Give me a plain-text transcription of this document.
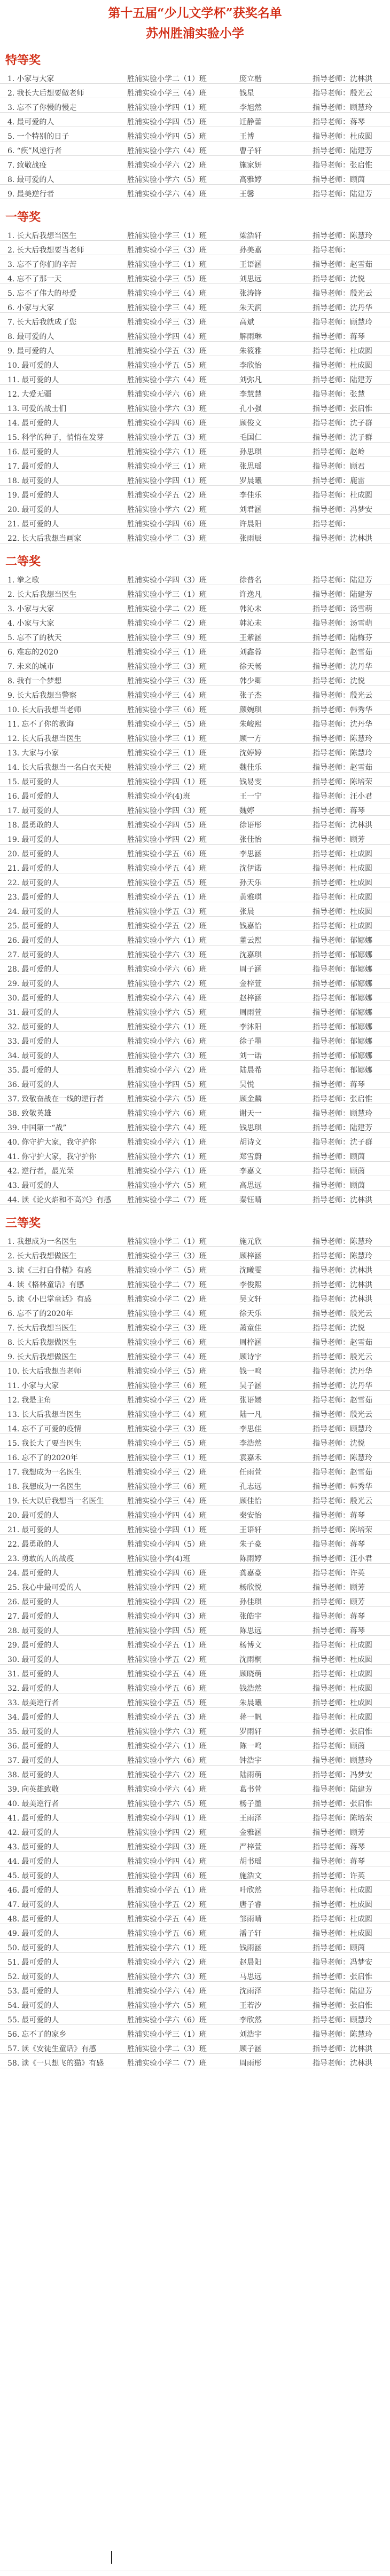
第十五届“少儿文学杯”获奖名单
苏州胜浦实验小学
特等奖
1. 小家与大家	胜浦实验小学二（1）班	庞立楷	指导老师：沈林洪
2. 我长大后想要做老师	胜浦实验小学三（4）班	钱星	指导老师：殷光云
3. 忘不了你慢的慢走	胜浦实验小学四（1）班	李旭然	指导老师：顾慧玲
4. 最可爱的人	胜浦实验小学四（5）班	迁静蕾	指导老师：蒋琴
5. 一个特别的日子	胜浦实验小学四（5）班	王博	指导老师：杜成圆
6. “疾”风逆行者	胜浦实验小学六（4）班	曹子轩	指导老师：陆建芳
7. 致敬战疫	胜浦实验小学六（2）班	施家妍	指导老师：张启惟
8. 最可爱的人	胜浦实验小学六（5）班	高雅婷	指导老师：顾茵
9. 最美逆行者	胜浦实验小学六（4）班	王馨	指导老师：陆建芳
一等奖
1. 长大后我想当医生	胜浦实验小学三（1）班	梁浩轩	指导老师：陈慧玲
2. 长大后我想要当老师	胜浦实验小学三（3）班	孙美嘉	指导老师：
3. 忘不了你们的辛苦	胜浦实验小学三（1）班	王语涵	指导老师：赵雪茹
4. 忘不了那一天	胜浦实验小学三（5）班	刘思远	指导老师：沈悦
5. 忘不了伟大的母爱	胜浦实验小学三（4）班	张涛锋	指导老师：殷光云
6. 小家与大家	胜浦实验小学三（4）班	朱天润	指导老师：沈丹华
7. 长大后我就成了您	胜浦实验小学三（3）班	高斌	指导老师：顾慧玲
8. 最可爱的人	胜浦实验小学四（4）班	解雨琳	指导老师：蒋琴
9. 最可爱的人	胜浦实验小学五（3）班	朱筱雅	指导老师：杜成圆
10. 最可爱的人	胜浦实验小学五（5）班	李欣怡	指导老师：杜成圆
11. 最可爱的人	胜浦实验小学六（4）班	刘弥凡	指导老师：陆建芳
12. 大爱无疆	胜浦实验小学六（6）班	李慧慧	指导老师：张慧
13. 可爱的战士们	胜浦实验小学六（3）班	孔小强	指导老师：张启惟
14. 最可爱的人	胜浦实验小学四（6）班	顾俊文	指导老师：沈子群
15. 科学的种子，悄悄在发芽	胜浦实验小学五（3）班	毛国仁	指导老师：沈子群
16. 最可爱的人	胜浦实验小学六（1）班	孙思琪	指导老师：赵岭
17. 最可爱的人	胜浦实验小学三（1）班	张思瑶	指导老师：顾君
18. 最可爱的人	胜浦实验小学四（1）班	罗晨曦	指导老师：鹿雷
19. 最可爱的人	胜浦实验小学五（2）班	李佳乐	指导老师：杜成圆
20. 最可爱的人	胜浦实验小学六（2）班	刘君涵	指导老师：冯梦安
21. 最可爱的人	胜浦实验小学四（6）班	许晨阳	指导老师：
22. 长大后我想当画家	胜浦实验小学二（3）班	张雨辰	指导老师：沈林洪
二等奖
1. 拳之歌	胜浦实验小学四（3）班	徐普名	指导老师：陆建芳
2. 长大后我想当医生	胜浦实验小学三（1）班	许逸凡	指导老师：陆建芳
3. 小家与大家	胜浦实验小学二（2）班	韩沁未	指导老师：汤雪萌
4. 小家与大家	胜浦实验小学二（2）班	韩沁未	指导老师：汤雪萌
5. 忘不了的秋天	胜浦实验小学三（9）班	王紫涵	指导老师：陆梅芬
6. 难忘的2020	胜浦实验小学三（1）班	刘鑫蓉	指导老师：赵雪茹
7. 未来的城市	胜浦实验小学三（3）班	徐天畅	指导老师：沈丹华
8. 我有一个梦想	胜浦实验小学三（3）班	韩少卿	指导老师：沈悦
9. 长大后我想当警察	胜浦实验小学三（4）班	张子杰	指导老师：殷光云
10. 长大后我想当老师	胜浦实验小学三（6）班	颜婉琪	指导老师：韩秀华
11. 忘不了你的教诲	胜浦实验小学三（5）班	朱峻熙	指导老师：沈丹华
12. 长大后我想当医生	胜浦实验小学三（1）班	顾一方	指导老师：陈慧玲
13. 大家与小家	胜浦实验小学三（1）班	沈婷婷	指导老师：陈慧玲
14. 长大后我想当一名白衣天使 胜浦实验小学三（2）班	魏佳乐	指导老师：赵雪茹
15. 最可爱的人	胜浦实验小学四（1）班	钱易雯	指导老师：陈培荣
16. 最可爱的人	胜浦实验小学(4)班	王一宁	指导老师：汪小君
17. 最可爱的人	胜浦实验小学四（3）班	魏婷	指导老师：蒋琴
18. 最勇敢的人	胜浦实验小学四（5）班	徐语彤	指导老师：沈林洪
19. 最可爱的人	胜浦实验小学四（2）班	张佳怡	指导老师：顾芳
20. 最可爱的人	胜浦实验小学五（6）班	李思涵	指导老师：杜成圆
21. 最可爱的人	胜浦实验小学五（4）班	沈伊诺	指导老师：杜成圆
22. 最可爱的人	胜浦实验小学五（5）班	孙天乐	指导老师：杜成圆
23. 最可爱的人	胜浦实验小学五（1）班	黄雅琪	指导老师：杜成圆
24. 最可爱的人	胜浦实验小学五（3）班	张晨	指导老师：杜成圆
25. 最可爱的人	胜浦实验小学五（2）班	钱嘉怡	指导老师：杜成圆
26. 最可爱的人	胜浦实验小学六（1）班	董云熙	指导老师：郁娜娜
27. 最可爱的人	胜浦实验小学六（3）班	沈嘉琪	指导老师：郁娜娜
28. 最可爱的人	胜浦实验小学六（6）班	周子涵	指导老师：郁娜娜
29. 最可爱的人	胜浦实验小学六（2）班	金梓萱	指导老师：郁娜娜
30. 最可爱的人	胜浦实验小学六（4）班	赵梓涵	指导老师：郁娜娜
31. 最可爱的人	胜浦实验小学六（5）班	周雨萱	指导老师：郁娜娜
32. 最可爱的人	胜浦实验小学六（1）班	李沐阳	指导老师：郁娜娜
33. 最可爱的人	胜浦实验小学六（6）班	徐子墨	指导老师：郁娜娜
34. 最可爱的人	胜浦实验小学六（3）班	刘一诺	指导老师：郁娜娜
35. 最可爱的人	胜浦实验小学六（2）班	陆晨希	指导老师：郁娜娜
36. 最可爱的人	胜浦实验小学四（5）班	吴悦	指导老师：蒋琴
37. 致敬奋战在一线的逆行者	胜浦实验小学六（5）班	顾金麟	指导老师：张启惟
38. 致敬英雄	胜浦实验小学六（6）班	谢天一	指导老师：顾慧玲
39. 中国第一“战”	胜浦实验小学六（4）班	钱思琪	指导老师：陆建芳
40. 你守护大家，我守护你	胜浦实验小学六（1）班	胡诗文	指导老师：沈子群
41. 你守护大家，我守护你	胜浦实验小学六（1）班	郑雪蔚	指导老师：顾茵
42. 逆行者，最光荣	胜浦实验小学六（1）班	李嘉文	指导老师：顾茵
43. 最可爱的人	胜浦实验小学六（5）班	高思远	指导老师：顾茵
44. 读《论火焰和不高兴》有感 胜浦实验小学二（7）班	秦钰晴	指导老师：沈林洪
三等奖
1. 我想成为一名医生	胜浦实验小学二（1）班	施元欣	指导老师：陈慧玲
2. 长大后我想做医生	胜浦实验小学三（3）班	顾梓涵	指导老师：陈慧玲
3. 读《三打白骨精》有感	胜浦实验小学二（5）班	沈曦雯	指导老师：沈林洪
4. 读《格林童话》有感	胜浦实验小学二（7）班	李俊熙	指导老师：沈林洪
5. 读《小巴掌童话》有感	胜浦实验小学二（2）班	吴文轩	指导老师：沈林洪
6. 忘不了的2020年	胜浦实验小学三（4）班	徐天乐	指导老师：殷光云
7. 长大后我想当医生	胜浦实验小学三（3）班	萧童佳	指导老师：沈悦
8. 长大后我想做医生	胜浦实验小学三（6）班	周梓涵	指导老师：赵雪茹
9. 长大后我想做医生	胜浦实验小学三（4）班	顾诗宇	指导老师：殷光云
10. 长大后我想当老师	胜浦实验小学三（5）班	钱一鸣	指导老师：沈丹华
11. 小家与大家	胜浦实验小学三（6）班	吴子涵	指导老师：沈丹华
12. 我是主角	胜浦实验小学三（2）班	张语嫣	指导老师：赵雪茹
13. 长大后我想当医生	胜浦实验小学三（4）班	陆一凡	指导老师：殷光云
14. 忘不了可爱的疫情	胜浦实验小学三（3）班	李思佳	指导老师：顾慧玲
15. 我长大了要当医生	胜浦实验小学三（5）班	李浩然	指导老师：沈悦
16. 忘不了的2020年	胜浦实验小学三（1）班	袁嘉禾	指导老师：陈慧玲
17. 我想成为一名医生	胜浦实验小学三（2）班	任雨萱	指导老师：赵雪茹
18. 我想成为一名医生	胜浦实验小学三（6）班	孔志远	指导老师：韩秀华
19. 长大以后我想当一名医生	胜浦实验小学三（4）班	顾佳怡	指导老师：殷光云
20. 最可爱的人	胜浦实验小学四（4）班	秦安怡	指导老师：蒋琴
21. 最可爱的人	胜浦实验小学四（1）班	王语轩	指导老师：陈培荣
22. 最勇敢的人	胜浦实验小学四（5）班	朱子豪	指导老师：蒋琴
23. 勇敢的人的战疫	胜浦实验小学(4)班	陈雨婷	指导老师：汪小君
24. 最可爱的人	胜浦实验小学四（6）班	龚嘉豪	指导老师：许英
25. 我心中最可爱的人	胜浦实验小学四（2）班	杨欣悦	指导老师：顾芳
26. 最可爱的人	胜浦实验小学四（2）班	孙佳琪	指导老师：顾芳
27. 最可爱的人	胜浦实验小学四（3）班	张皓宇	指导老师：蒋琴
28. 最可爱的人	胜浦实验小学四（5）班	陈思远	指导老师：蒋琴
29. 最可爱的人	胜浦实验小学五（1）班	杨博文	指导老师：杜成圆
30. 最可爱的人	胜浦实验小学五（2）班	沈雨桐	指导老师：杜成圆
31. 最可爱的人	胜浦实验小学五（4）班	顾晓萌	指导老师：杜成圆
32. 最可爱的人	胜浦实验小学五（6）班	钱浩然	指导老师：杜成圆
33. 最美逆行者	胜浦实验小学五（5）班	朱晨曦	指导老师：杜成圆
34. 最可爱的人	胜浦实验小学五（3）班	蒋一帆	指导老师：杜成圆
35. 最可爱的人	胜浦实验小学六（3）班	罗雨轩	指导老师：张启惟
36. 最可爱的人	胜浦实验小学六（1）班	陈一鸣	指导老师：顾茵
37. 最可爱的人	胜浦实验小学六（6）班	钟浩宇	指导老师：顾慧玲
38. 最可爱的人	胜浦实验小学六（2）班	陆雨萌	指导老师：冯梦安
39. 向英雄致敬	胜浦实验小学六（4）班	葛书萱	指导老师：陆建芳
40. 最美逆行者	胜浦实验小学六（5）班	杨子墨	指导老师：张启惟
41. 最可爱的人	胜浦实验小学四（1）班	王雨泽	指导老师：陈培荣
42. 最可爱的人	胜浦实验小学四（2）班	金雅涵	指导老师：顾芳
43. 最可爱的人	胜浦实验小学四（3）班	严梓萱	指导老师：蒋琴
44. 最可爱的人	胜浦实验小学四（4）班	胡书瑶	指导老师：蒋琴
45. 最可爱的人	胜浦实验小学四（6）班	施浩文	指导老师：许英
46. 最可爱的人	胜浦实验小学五（1）班	叶欣然	指导老师：杜成圆
47. 最可爱的人	胜浦实验小学五（2）班	唐子睿	指导老师：杜成圆
48. 最可爱的人	胜浦实验小学五（4）班	邹雨晴	指导老师：杜成圆
49. 最可爱的人	胜浦实验小学五（6）班	潘子轩	指导老师：杜成圆
50. 最可爱的人	胜浦实验小学六（1）班	钱雨涵	指导老师：顾茵
51. 最可爱的人	胜浦实验小学六（2）班	赵晨阳	指导老师：冯梦安
52. 最可爱的人	胜浦实验小学六（3）班	马思远	指导老师：张启惟
53. 最可爱的人	胜浦实验小学六（4）班	沈雨泽	指导老师：陆建芳
54. 最可爱的人	胜浦实验小学六（5）班	王若汐	指导老师：张启惟
55. 最可爱的人	胜浦实验小学六（6）班	李欣然	指导老师：顾慧玲
56. 忘不了的家乡	胜浦实验小学三（1）班	刘浩宇	指导老师：陈慧玲
57. 读《安徒生童话》有感	胜浦实验小学二（3）班	顾子涵	指导老师：沈林洪
58. 读《一只想飞的猫》有感	胜浦实验小学二（7）班	周雨彤	指导老师：沈林洪
